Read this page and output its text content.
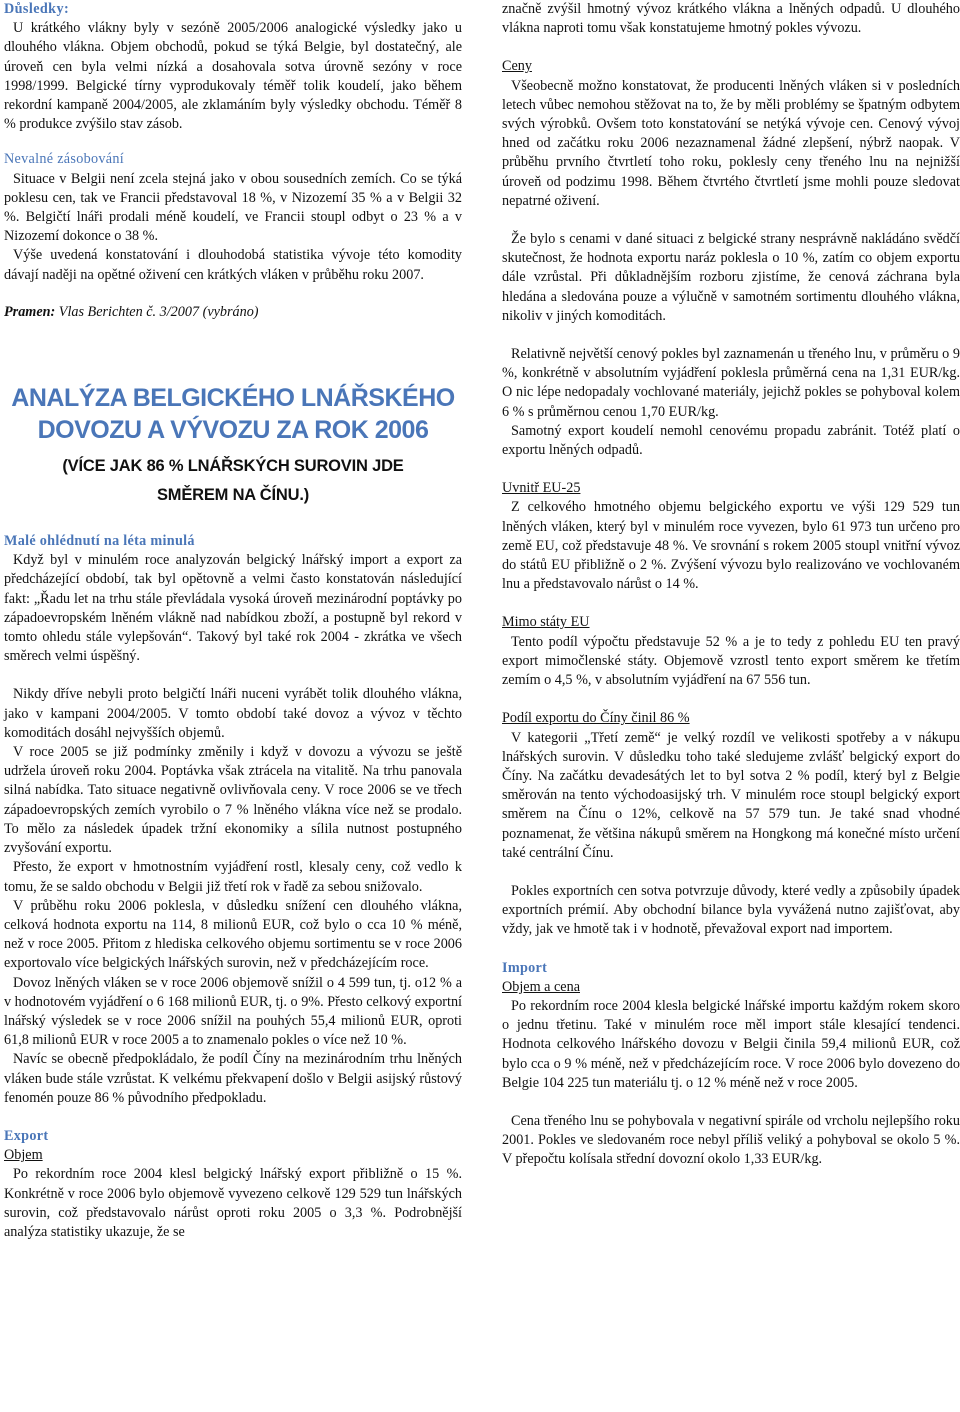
Důsledky:

U krátkého vlákny byly v sezóně 2005/2006 analogické výsledky jako u dlouhého vlákna. Objem obchodů, pokud se týká Belgie, byl dostatečný, ale úroveň cen byla velmi nízká a dosahovala sotva úrovně sezóny v roce 1998/1999. Belgické tírny vyprodukovaly téměř tolik koudelí, jako během rekordní kampaně 2004/2005, ale zklamáním byly výsledky obchodu. Téměř 8 % produkce zvýšilo stav zásob.

Nevalné zásobování

Situace v Belgii není zcela stejná jako v obou sousedních zemích. Co se týká poklesu cen, tak ve Francii představoval 18 %, v Nizozemí 35 % a v Belgii 32 %. Belgičtí lnáři prodali méně koudelí, ve Francii stoupl odbyt o 23 % a v Nizozemí dokonce o 38 %.

Výše uvedená konstatování i dlouhodobá statistika vývoje této komodity dávají naději na opětné oživení cen krátkých vláken v průběhu roku 2007.

Pramen: Vlas Berichten č. 3/2007 (vybráno)

ANALÝZA BELGICKÉHO LNÁŘSKÉHO

DOVOZU A VÝVOZU ZA ROK 2006

(VÍCE JAK 86 % LNÁŘSKÝCH SUROVIN JDE

SMĚREM NA ČÍNU.)

Malé ohlédnutí na léta minulá

Když byl v minulém roce analyzován belgický lnářský import a export za předcházející období, tak byl opětovně a velmi často konstatován následující fakt: „Řadu let na trhu stále převládala vysoká úroveň mezinárodní poptávky po západoevropském lněném vlákně nad nabídkou zboží, a postupně byl rekord v tomto ohledu stále vylepšován“. Takový byl také rok 2004 - zkrátka ve všech směrech velmi úspěšný.

Nikdy dříve nebyli proto belgičtí lnáři nuceni vyrábět tolik dlouhého vlákna, jako v kampani 2004/2005. V tomto období také dovoz a vývoz v těchto komoditách dosáhl nejvyšších objemů.

V roce 2005 se již podmínky změnily i když v dovozu a vývozu se ještě udržela úroveň roku 2004. Poptávka však ztrácela na vitalitě. Na trhu panovala silná nabídka. Tato situace negativně ovlivňovala ceny. V roce 2006 se ve třech západoevropských zemích vyrobilo o 7 % lněného vlákna více než se prodalo. To mělo za následek úpadek tržní ekonomiky a sílila nutnost postupného zvyšování exportu.

Přesto, že export v hmotnostním vyjádření rostl, klesaly ceny, což vedlo k tomu, že se saldo obchodu v Belgii již třetí rok v řadě za sebou snižovalo.

V průběhu roku 2006 poklesla, v důsledku snížení cen dlouhého vlákna, celková hodnota exportu na 114, 8 milionů EUR, což bylo o cca 10 % méně, než v roce 2005. Přitom z hlediska celkového objemu sortimentu se v roce 2006 exportovalo více belgických lnářských surovin, než v předcházejícím roce.

Dovoz lněných vláken se v roce 2006 objemově snížil o 4 599 tun, tj. o12 % a v hodnotovém vyjádření o 6 168 milionů EUR, tj. o 9%. Přesto celkový exportní lnářský výsledek se v roce 2006 snížil na pouhých 55,4 milionů EUR, oproti 61,8 milionů EUR v roce 2005 a to znamenalo pokles o více než 10 %.

Navíc se obecně předpokládalo, že podíl Číny na mezinárodním trhu lněných vláken bude stále vzrůstat. K velkému překvapení došlo v Belgii asijský růstový fenomén pouze 86 % původního předpokladu.

Export

Objem

Po rekordním roce 2004 klesl belgický lnářský export přibližně o 15 %. Konkrétně v roce 2006 bylo objemově vyvezeno celkově 129 529 tun lnářských surovin, což představovalo nárůst oproti roku 2005 o 3,3 %. Podrobnější analýza statistiky ukazuje, že se

značně zvýšil hmotný vývoz krátkého vlákna a lněných odpadů. U dlouhého vlákna naproti tomu však konstatujeme hmotný pokles vývozu.

Ceny

Všeobecně možno konstatovat, že producenti lněných vláken si v posledních letech vůbec nemohou stěžovat na to, že by měli problémy se špatným odbytem svých výrobků. Ovšem toto konstatování se netýká vývoje cen. Cenový vývoj hned od začátku roku 2006 nezaznamenal žádné zlepšení, nýbrž naopak. V průběhu prvního čtvrtletí toho roku, poklesly ceny třeného lnu na nejnižší úroveň od podzimu 1998. Během čtvrtého čtvrtletí jsme mohli pouze sledovat nepatrné oživení.

Že bylo s cenami v dané situaci z belgické strany nesprávně nakládáno svědčí skutečnost, že hodnota exportu naráz poklesla o 10 %, zatím co objem exportu dále vzrůstal. Při důkladnějším rozboru zjistíme, že cenová záchrana byla hledána a sledována pouze a výlučně v samotném sortimentu dlouhého vlákna, nikoliv v jiných komoditách.

Relativně největší cenový pokles byl zaznamenán u třeného lnu, v průměru o 9 %, konkrétně v absolutním vyjádření poklesla průměrná cena na 1,31 EUR/kg. O nic lépe nedopadaly vochlované materiály, jejichž pokles se pohyboval kolem 6 % s průměrnou cenou 1,70 EUR/kg.

Samotný export koudelí nemohl cenovému propadu zabránit. Totéž platí o exportu lněných odpadů.

Uvnitř EU-25

Z celkového hmotného objemu belgického exportu ve výši 129 529 tun lněných vláken, který byl v minulém roce vyvezen, bylo 61 973 tun určeno pro země EU, což představuje 48 %. Ve srovnání s rokem 2005 stoupl vnitřní vývoz do států EU přibližně o 2 %. Zvýšení vývozu bylo realizováno ve vochlovaném lnu a představovalo nárůst o 14 %.

Mimo státy EU

Tento podíl výpočtu představuje 52 % a je to tedy z pohledu EU ten pravý export mimočlenské státy. Objemově vzrostl tento export směrem ke třetím zemím o 4,5 %, v absolutním vyjádření na 67 556 tun.

Podíl exportu do Číny činil 86 %

V kategorii „Třetí země“ je velký rozdíl ve velikosti spotřeby a v nákupu lnářských surovin. V důsledku toho také sledujeme zvlášť belgický export do Číny. Na začátku devadesátých let to byl sotva 2 % podíl, který byl z Belgie směrován na tento východoasijský trh. V minulém roce stoupl belgický export směrem na Čínu o 12%, celkově na 57 579 tun. Je také snad vhodné poznamenat, že většina nákupů směrem na Hongkong má konečné místo určení také centrální Čínu.

Pokles exportních cen sotva potvrzuje důvody, které vedly a způsobily úpadek exportních prémií. Aby obchodní bilance byla vyvážená nutno zajišťovat, aby vždy, jak ve hmotě tak i v hodnotě, převažoval export nad importem.

Import

Objem a cena

Po rekordním roce 2004 klesla belgické lnářské importu každým rokem skoro o jednu třetinu. Také v minulém roce měl import stále klesající tendenci. Hodnota celkového lnářského dovozu v Belgii činila 59,4 milionů EUR, což bylo cca o 9 % méně, než v předcházejícím roce. V roce 2006 bylo dovezeno do Belgie 104 225 tun materiálu tj. o 12 % méně než v roce 2005.

Cena třeného lnu se pohybovala v negativní spirále od vrcholu nejlepšího roku 2001. Pokles ve sledovaném roce nebyl příliš veliký a pohyboval se okolo 5 %. V přepočtu kolísala střední dovozní okolo 1,33 EUR/kg.
